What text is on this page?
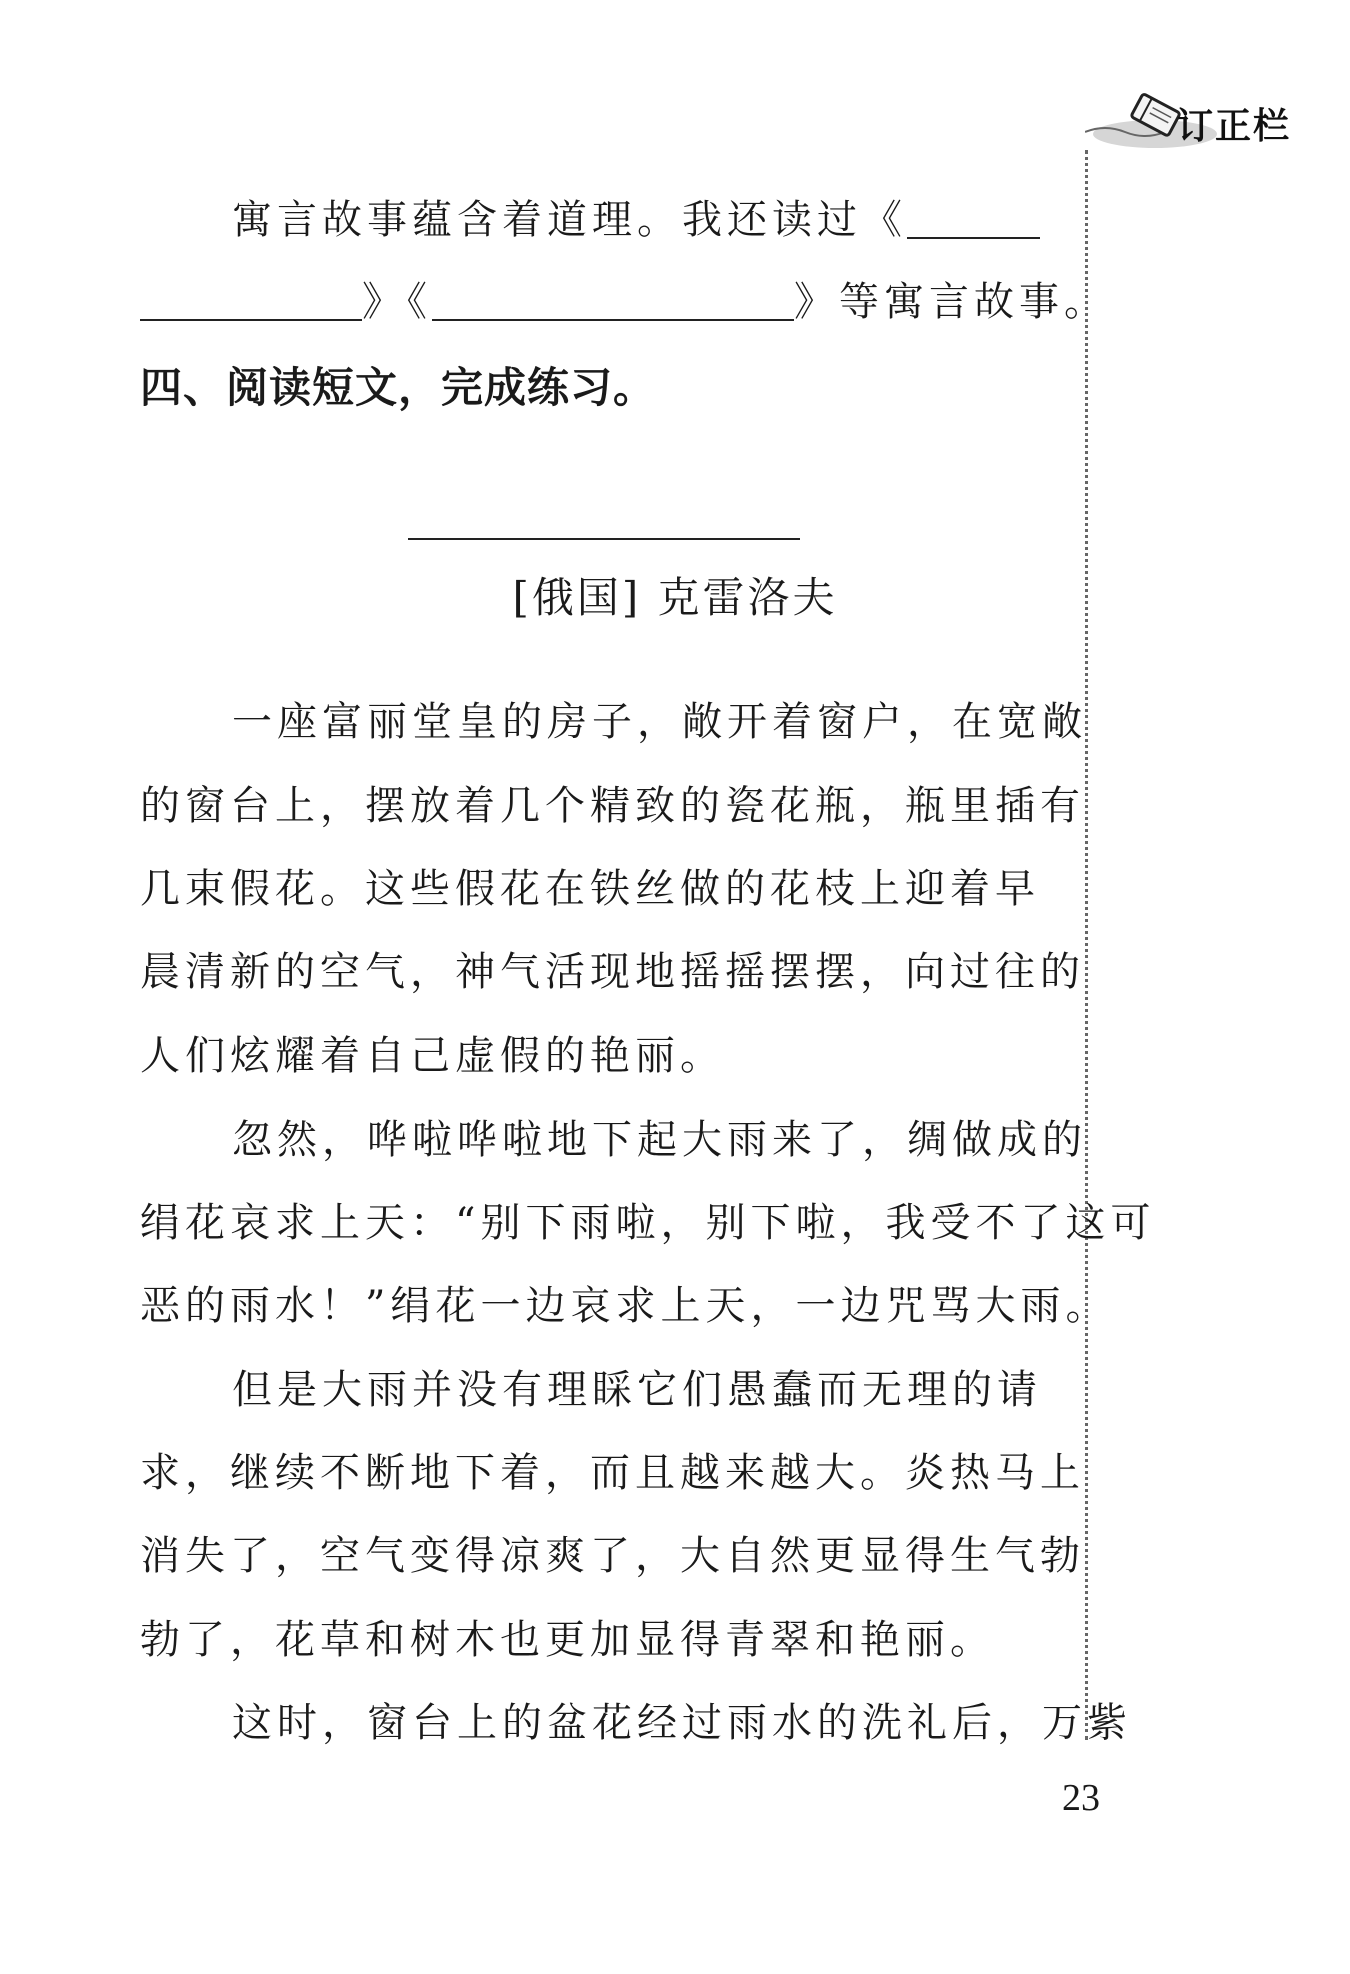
订正栏
寓言故事蕴含着道理。我还读过《
》《	》等寓言故事。
四、阅读短文，完成练习。
[俄国] 克雷洛夫
一座富丽堂皇的房子，敞开着窗户，在宽敞
的窗台上，摆放着几个精致的瓷花瓶，瓶里插有
几束假花。这些假花在铁丝做的花枝上迎着早
晨清新的空气，神气活现地摇摇摆摆，向过往的
人们炫耀着自己虚假的艳丽。
忽然，哗啦哗啦地下起大雨来了，绸做成的
绢花哀求上天：“别下雨啦，别下啦，我受不了这可
恶的雨水！”绢花一边哀求上天，一边咒骂大雨。
但是大雨并没有理睬它们愚蠢而无理的请
求，继续不断地下着，而且越来越大。炎热马上
消失了，空气变得凉爽了，大自然更显得生气勃
勃了，花草和树木也更加显得青翠和艳丽。
这时，窗台上的盆花经过雨水的洗礼后，万紫
23
